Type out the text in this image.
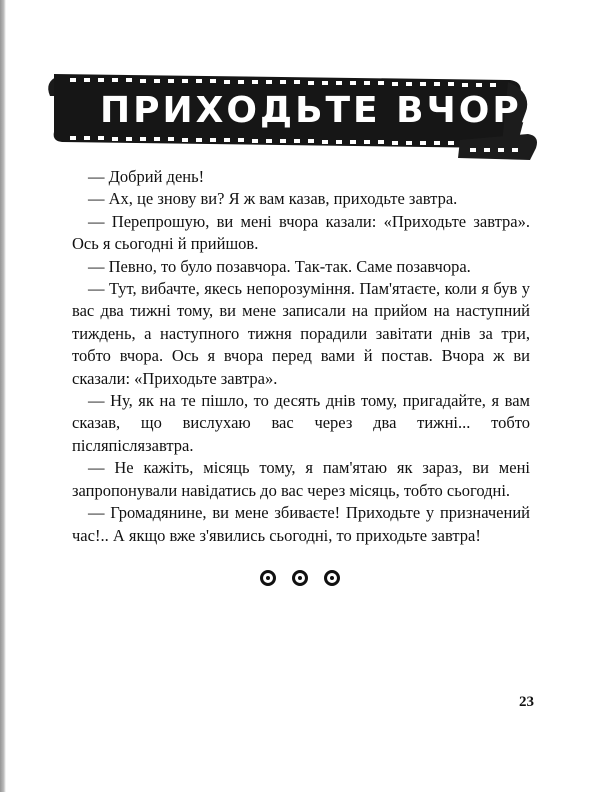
ПРИХОДЬТЕ ВЧОРА!

— Добрий день!

— Ах, це знову ви? Я ж вам казав, приходьте завтра.

— Перепрошую, ви мені вчора казали: «Приходьте завтра». Ось я сьогодні й прийшов.

— Певно, то було позавчора. Так-так. Саме позавчора.

— Тут, вибачте, якесь непорозуміння. Пам'ятаєте, коли я був у вас два тижні тому, ви мене записали на прийом на наступний тиждень, а наступного тижня порадили завітати днів за три, тобто вчора. Ось я вчора перед вами й постав. Вчора ж ви сказали: «Приходьте завтра».

— Ну, як на те пішло, то десять днів тому, пригадайте, я вам сказав, що вислухаю вас через два тижні... тобто післяпіслязавтра.

— Не кажіть, місяць тому, я пам'ятаю як зараз, ви мені запропонували навідатись до вас через місяць, тобто сьогодні.

— Громадянине, ви мене збиваєте! Приходьте у призначений час!.. А якщо вже з'явились сьогодні, то приходьте завтра!

23
